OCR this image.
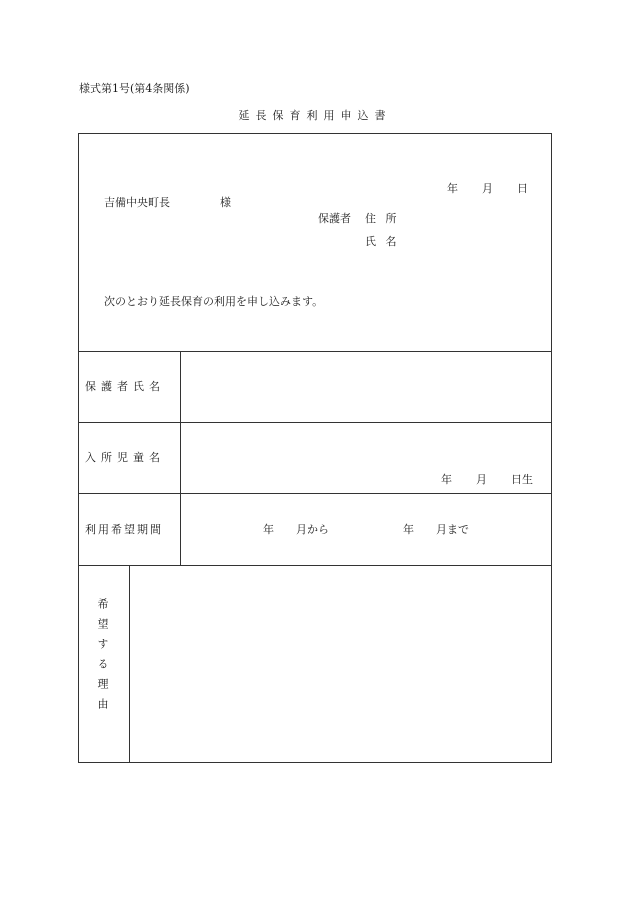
様式第1号(第4条関係)
延長保育利用申込書
年 月 日
吉備中央町長	様
保護者 住 所
氏 名
次のとおり延長保育の利用を申し込みます。
保護者氏名
入所児童名
年 月 日生
利用希望期間	年 月から	年 月まで
希望する理由
